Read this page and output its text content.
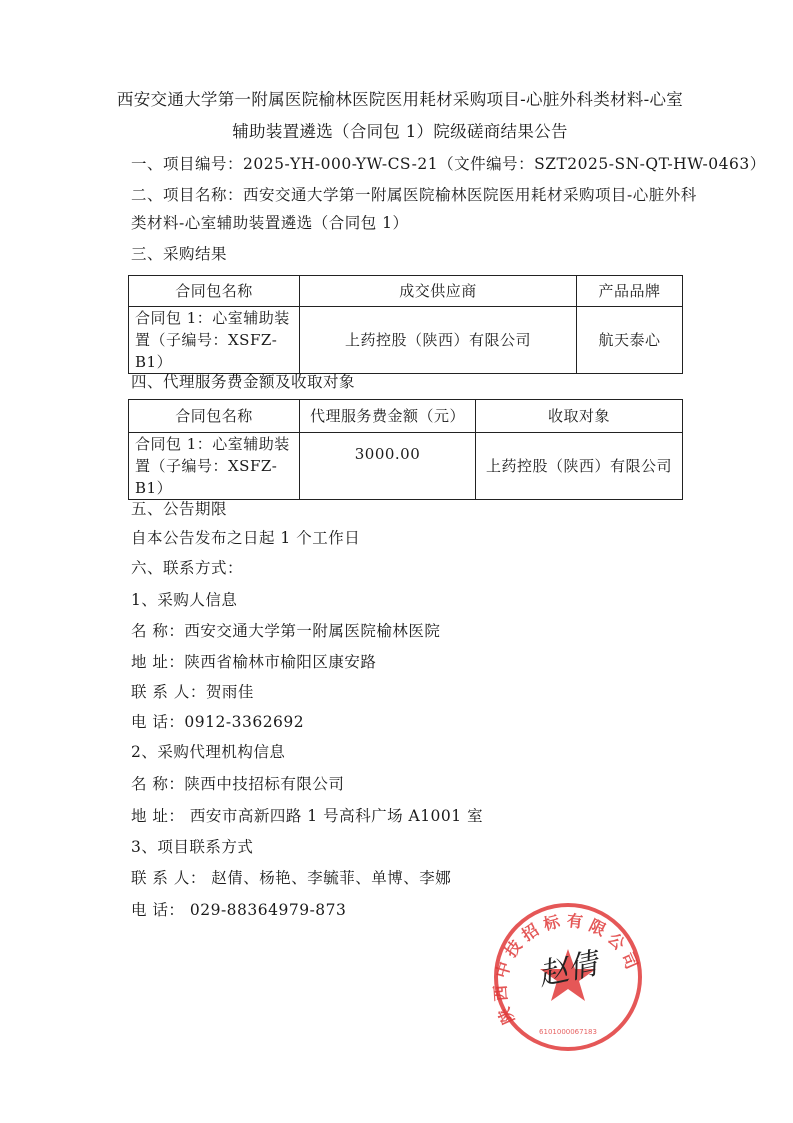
西安交通大学第一附属医院榆林医院医用耗材采购项目-心脏外科类材料-心室
辅助装置遴选（合同包 1）院级磋商结果公告
一、项目编号：2025-YH-000-YW-CS-21（文件编号：SZT2025-SN-QT-HW-0463）
二、项目名称：西安交通大学第一附属医院榆林医院医用耗材采购项目-心脏外科
类材料-心室辅助装置遴选（合同包 1）
三、采购结果
合同包名称	成交供应商	产品品牌

合同包 1：心室辅助装
置（子编号：XSFZ-B1）	上药控股（陕西）有限公司	航天泰心
四、代理服务费金额及收取对象
合同包名称	代理服务费金额（元）	收取对象

合同包 1：心室辅助装
置（子编号：XSFZ-B1）	3000.00	上药控股（陕西）有限公司
五、公告期限
自本公告发布之日起 1 个工作日
六、联系方式：
1、采购人信息
名 称：西安交通大学第一附属医院榆林医院
地 址：陕西省榆林市榆阳区康安路
联 系 人：贺雨佳
电 话：0912-3362692
2、采购代理机构信息
名 称：陕西中技招标有限公司
地 址： 西安市高新四路 1 号高科广场 A1001 室
3、项目联系方式
联 系 人： 赵倩、杨艳、李毓菲、单博、李娜
电 话： 029-88364979-873
陕 西 中 技 招 标 有 限 公 司
6101000067183
赵倩
